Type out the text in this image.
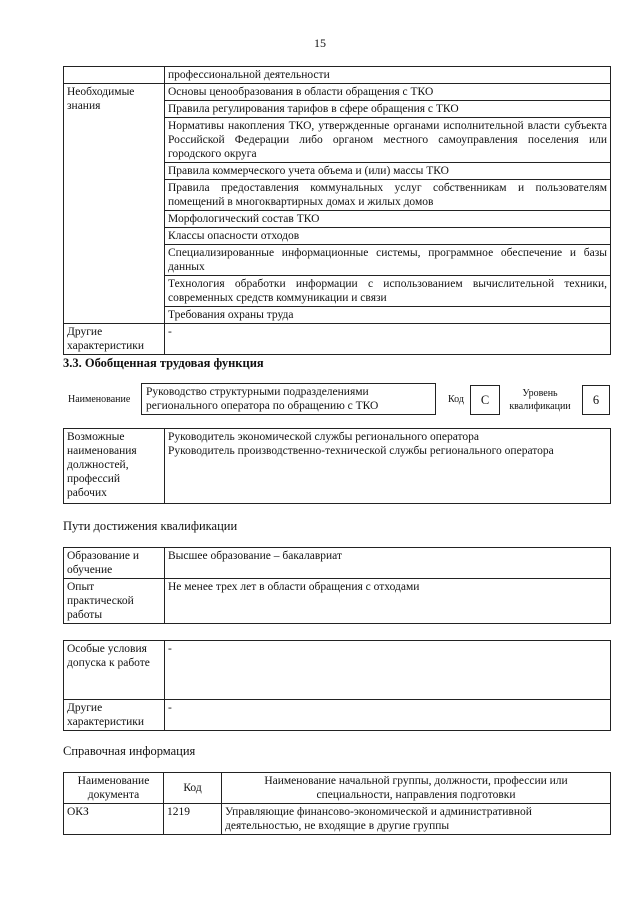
15
	профессиональной деятельности
Необходимые знания	Основы ценообразования в области обращения с ТКО
	Правила регулирования тарифов в сфере обращения с ТКО
	Нормативы накопления ТКО, утвержденные органами исполнительной власти субъекта Российской Федерации либо органом местного самоуправления поселения или городского округа
	Правила коммерческого учета объема и (или) массы ТКО
	Правила предоставления коммунальных услуг собственникам и пользователям помещений в многоквартирных домах и жилых домов
	Морфологический состав ТКО
	Классы опасности отходов
	Специализированные информационные системы, программное обеспечение и базы данных
	Технология обработки информации с использованием вычислительной техники, современных средств коммуникации и связи
	Требования охраны труда
Другие характеристики	-
3.3. Обобщенная трудовая функция
Наименование
Руководство структурными подразделениями регионального оператора по обращению с ТКО
Код	C	Уровень квалификации	6
Возможные наименования должностей, профессий рабочих	
Руководитель экономической службы регионального оператора
Руководитель производственно-технической службы регионального оператора
Пути достижения квалификации
Образование и обучение	Высшее образование – бакалавриат
Опыт практической работы	Не менее трех лет в области обращения с отходами
Особые условия допуска к работе	-
Другие характеристики	-
Справочная информация
Наименование документа	Код	Наименование начальной группы, должности, профессии или специальности, направления подготовки
ОКЗ	1219	Управляющие финансово-экономической и административной деятельностью, не входящие в другие группы
